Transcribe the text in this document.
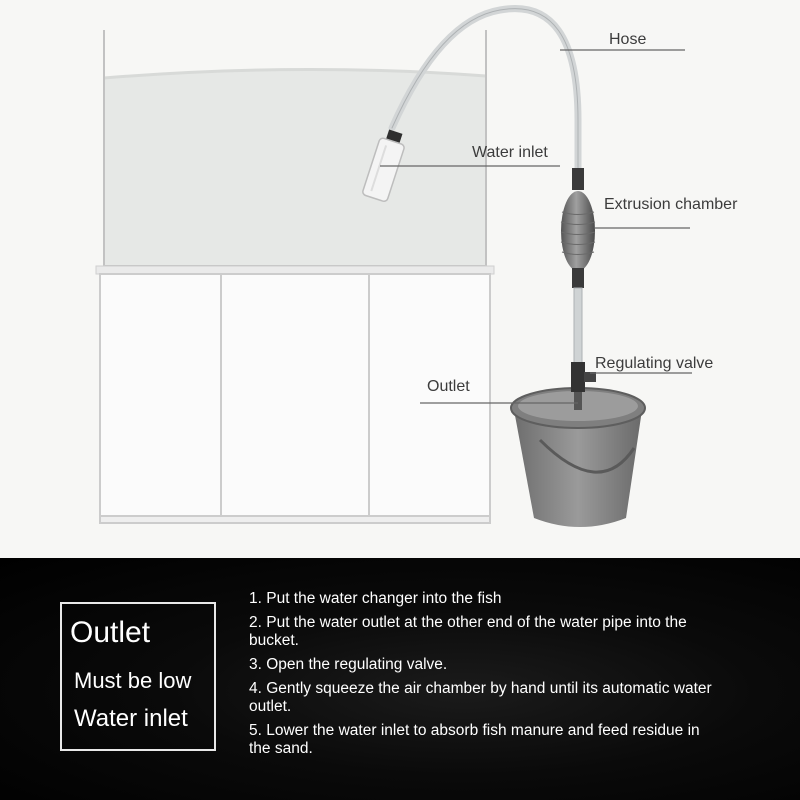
Hose
Water inlet
Extrusion chamber
Regulating valve
Outlet
Outlet
Must be low
Water inlet
1. Put the water changer into the fish
2. Put the water outlet at the other end of the water pipe into the bucket.
3. Open the regulating valve.
4. Gently squeeze the air chamber by hand until its automatic water outlet.
5. Lower the water inlet to absorb fish manure and feed residue in the sand.
